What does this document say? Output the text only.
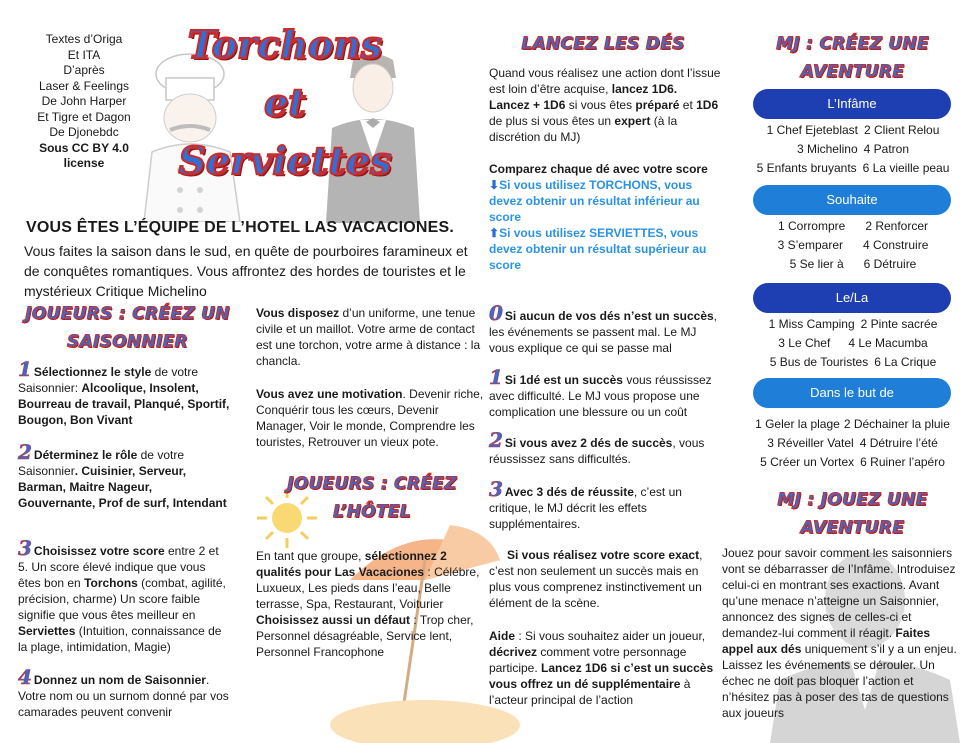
Textes d’Origa
Et ITA
D’après
Laser & Feelings
De John Harper
Et Tigre et Dagon
De Djonebdc
Sous CC BY 4.0 license
Torchons
et
Serviettes
VOUS ÊTES L’ÉQUIPE DE L’HOTEL LAS VACACIONES.
Vous faites la saison dans le sud, en quête de pourboires faramineux et de conquêtes romantiques. Vous affrontez des hordes de touristes et le mystérieux Critique Michelino
JOUEURS : CRÉEZ UN SAISONNIER
1 Sélectionnez le style de votre Saisonnier: Alcoolique, Insolent, Bourreau de travail, Planqué, Sportif, Bougon, Bon Vivant
2 Déterminez le rôle de votre Saisonnier. Cuisinier, Serveur, Barman, Maitre Nageur, Gouvernante, Prof de surf, Intendant
3 Choisissez votre score entre 2 et 5. Un score élevé indique que vous êtes bon en Torchons (combat, agilité, précision, charme) Un score faible signifie que vous êtes meilleur en Serviettes (Intuition, connaissance de la plage, intimidation, Magie)
4 Donnez un nom de Saisonnier. Votre nom ou un surnom donné par vos camarades peuvent convenir
Vous disposez d’un uniforme, une tenue civile et un maillot. Votre arme de contact est une torchon, votre arme à distance : la chancla.
Vous avez une motivation. Devenir riche, Conquérir tous les cœurs, Devenir Manager, Voir le monde, Comprendre les touristes, Retrouver un vieux pote.
JOUEURS : CRÉEZ L’HÔTEL
En tant que groupe, sélectionnez 2 qualités pour Las Vacaciones : Célébre, Luxueux, Les pieds dans l’eau, Belle terrasse, Spa, Restaurant, Voiturier
Choisissez aussi un défaut : Trop cher, Personnel désagréable, Service lent, Personnel Francophone
LANCEZ LES DÉS
Quand vous réalisez une action dont l’issue est loin d’être acquise, lancez 1D6. Lancez + 1D6 si vous êtes préparé et 1D6 de plus si vous êtes un expert (à la discrétion du MJ)
Comparez chaque dé avec votre score
⬇Si vous utilisez TORCHONS, vous devez obtenir un résultat inférieur au score
⬆Si vous utilisez SERVIETTES, vous devez obtenir un résultat supérieur au score
0 Si aucun de vos dés n’est un succès, les événements se passent mal. Le MJ vous explique ce qui se passe mal
1 Si 1dé est un succès vous réussissez avec difficulté. Le MJ vous propose une complication une blessure ou un coût
2 Si vous avez 2 dés de succès, vous réussissez sans difficultés.
3 Avec 3 dés de réussite, c’est un critique, le MJ décrit les effets supplémentaires.
Si vous réalisez votre score exact, c’est non seulement un succès mais en plus vous comprenez instinctivement un élément de la scène.
Aide : Si vous souhaitez aider un joueur, décrivez comment votre personnage participe. Lancez 1D6 si c’est un succès vous offrez un dé supplémentaire à l’acteur principal de l’action
MJ : CRÉEZ UNE AVENTURE
L’Infâme
1 Chef Ejeteblast 2 Client Relou
3 Michelino 4 Patron
5 Enfants bruyants 6 La vieille peau
Souhaite
1 Corrompre 2 Renforcer
3 S’emparer 4 Construire
5 Se lier à 6 Détruire
Le/La
1 Miss Camping 2 Pinte sacrée
3 Le Chef 4 Le Macumba
5 Bus de Touristes 6 La Crique
Dans le but de
1 Geler la plage 2 Déchainer la pluie
3 Réveiller Vatel 4 Détruire l’été
5 Créer un Vortex 6 Ruiner l’apéro
MJ : JOUEZ UNE AVENTURE
Jouez pour savoir comment les saisonniers vont se débarrasser de l’Infâme. Introduisez celui-ci en montrant ses exactions. Avant qu’une menace n’atteigne un Saisonnier, annoncez des signes de celles-ci et demandez-lui comment il réagit. Faites appel aux dés uniquement s’il y a un enjeu. Laissez les événements se dérouler. Un échec ne doit pas bloquer l’action et n’hésitez pas à poser des tas de questions aux joueurs
